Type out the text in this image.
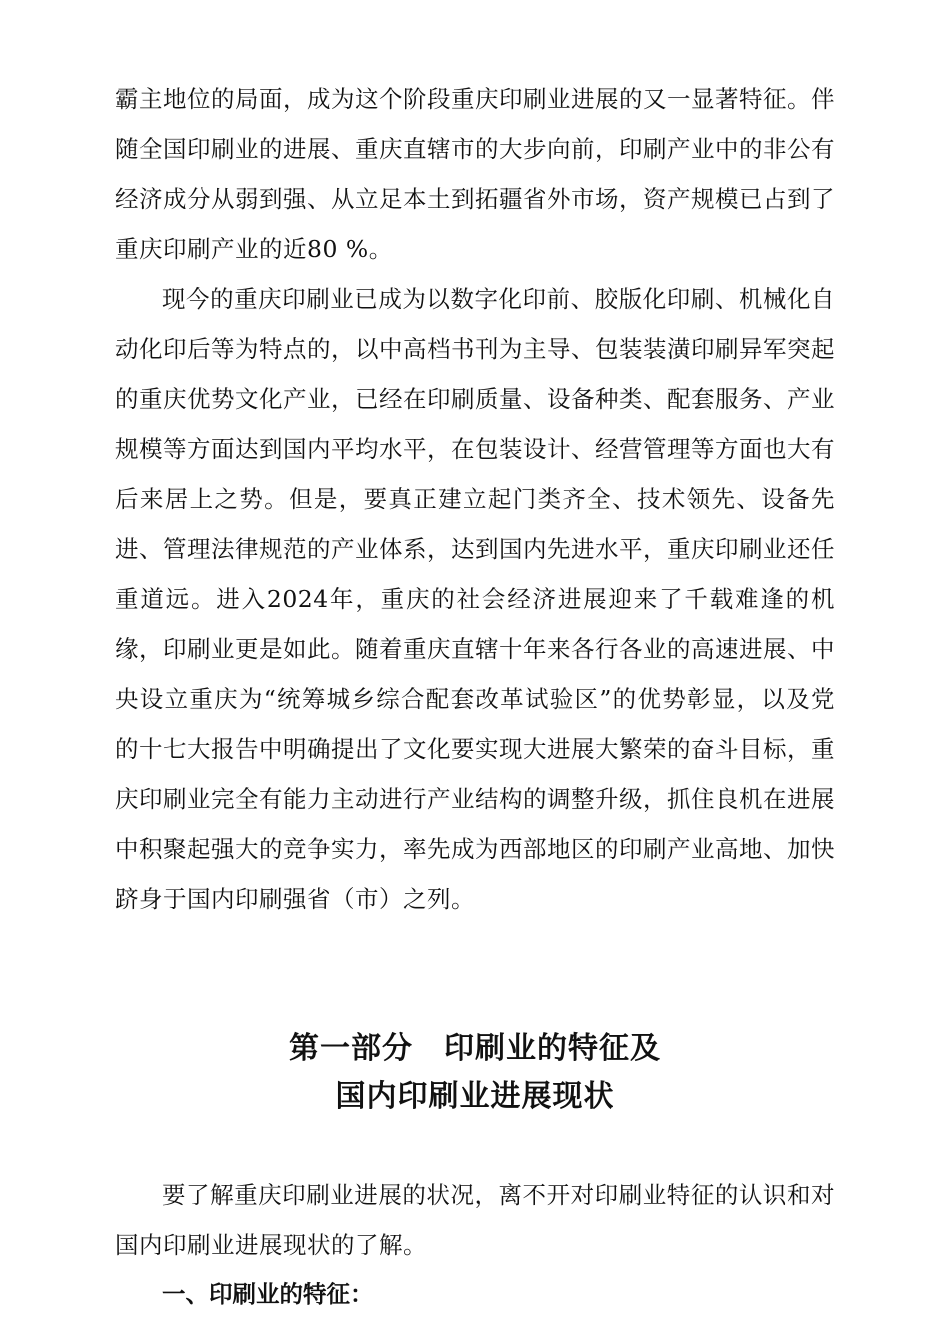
霸主地位的局面，成为这个阶段重庆印刷业进展的又一显著特征。伴随全国印刷业的进展、重庆直辖市的大步向前，印刷产业中的非公有经济成分从弱到强、从立足本土到拓疆省外市场，资产规模已占到了重庆印刷产业的近80 %。

现今的重庆印刷业已成为以数字化印前、胶版化印刷、机械化自动化印后等为特点的，以中高档书刊为主导、包装装潢印刷异军突起的重庆优势文化产业，已经在印刷质量、设备种类、配套服务、产业规模等方面达到国内平均水平，在包装设计、经营管理等方面也大有后来居上之势。但是，要真正建立起门类齐全、技术领先、设备先进、管理法律规范的产业体系，达到国内先进水平，重庆印刷业还任重道远。进入2024年，重庆的社会经济进展迎来了千载难逢的机缘，印刷业更是如此。随着重庆直辖十年来各行各业的高速进展、中央设立重庆为“统筹城乡综合配套改革试验区”的优势彰显，以及党的十七大报告中明确提出了文化要实现大进展大繁荣的奋斗目标，重庆印刷业完全有能力主动进行产业结构的调整升级，抓住良机在进展中积聚起强大的竞争实力，率先成为西部地区的印刷产业高地、加快跻身于国内印刷强省（市）之列。

第一部分　印刷业的特征及
国内印刷业进展现状

要了解重庆印刷业进展的状况，离不开对印刷业特征的认识和对国内印刷业进展现状的了解。

一、印刷业的特征：
